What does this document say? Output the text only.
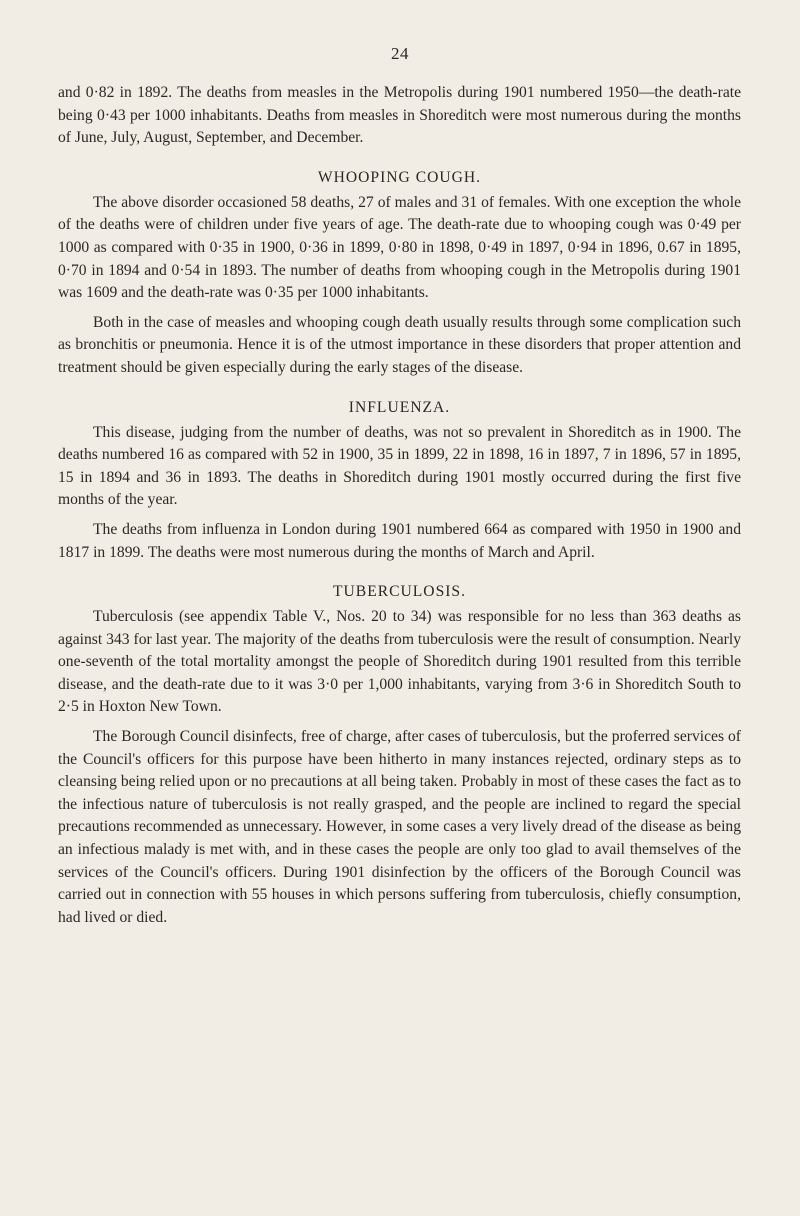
24

and 0·82 in 1892. The deaths from measles in the Metropolis during 1901 numbered 1950—the death-rate being 0·43 per 1000 inhabitants. Deaths from measles in Shoreditch were most numerous during the months of June, July, August, September, and December.

WHOOPING COUGH.

The above disorder occasioned 58 deaths, 27 of males and 31 of females. With one exception the whole of the deaths were of children under five years of age. The death-rate due to whooping cough was 0·49 per 1000 as compared with 0·35 in 1900, 0·36 in 1899, 0·80 in 1898, 0·49 in 1897, 0·94 in 1896, 0.67 in 1895, 0·70 in 1894 and 0·54 in 1893. The number of deaths from whooping cough in the Metropolis during 1901 was 1609 and the death-rate was 0·35 per 1000 inhabitants.

Both in the case of measles and whooping cough death usually results through some complication such as bronchitis or pneumonia. Hence it is of the utmost importance in these disorders that proper attention and treatment should be given especially during the early stages of the disease.

INFLUENZA.

This disease, judging from the number of deaths, was not so prevalent in Shoreditch as in 1900. The deaths numbered 16 as compared with 52 in 1900, 35 in 1899, 22 in 1898, 16 in 1897, 7 in 1896, 57 in 1895, 15 in 1894 and 36 in 1893. The deaths in Shoreditch during 1901 mostly occurred during the first five months of the year.

The deaths from influenza in London during 1901 numbered 664 as compared with 1950 in 1900 and 1817 in 1899. The deaths were most numerous during the months of March and April.

TUBERCULOSIS.

Tuberculosis (see appendix Table V., Nos. 20 to 34) was responsible for no less than 363 deaths as against 343 for last year. The majority of the deaths from tuberculosis were the result of consumption. Nearly one-seventh of the total mortality amongst the people of Shoreditch during 1901 resulted from this terrible disease, and the death-rate due to it was 3·0 per 1,000 inhabitants, varying from 3·6 in Shoreditch South to 2·5 in Hoxton New Town.

The Borough Council disinfects, free of charge, after cases of tuberculosis, but the proferred services of the Council's officers for this purpose have been hitherto in many instances rejected, ordinary steps as to cleansing being relied upon or no precautions at all being taken. Probably in most of these cases the fact as to the infectious nature of tuberculosis is not really grasped, and the people are inclined to regard the special precautions recommended as unnecessary. However, in some cases a very lively dread of the disease as being an infectious malady is met with, and in these cases the people are only too glad to avail themselves of the services of the Council's officers. During 1901 disinfection by the officers of the Borough Council was carried out in connection with 55 houses in which persons suffering from tuberculosis, chiefly consumption, had lived or died.
